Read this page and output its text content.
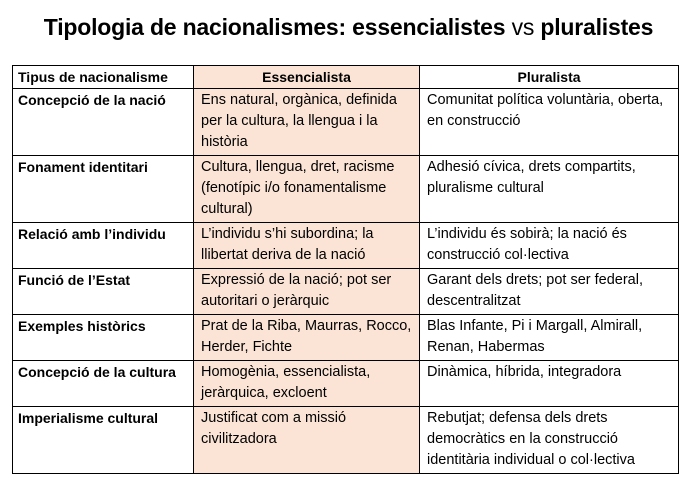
Tipologia de nacionalismes: essencialistes vs pluralistes
Tipus de nacionalisme	Essencialista	Pluralista
Concepció de la nació	Ens natural, orgànica, definida per la cultura, la llengua i la història	Comunitat política voluntària, oberta, en construcció
Fonament identitari	Cultura, llengua, dret, racisme (fenotípic i/o fonamentalisme cultural)	Adhesió cívica, drets compartits, pluralisme cultural
Relació amb l’individu	L’individu s’hi subordina; la llibertat deriva de la nació	L’individu és sobirà; la nació és construcció col·lectiva
Funció de l’Estat	Expressió de la nació; pot ser autoritari o jeràrquic	Garant dels drets; pot ser federal, descentralitzat
Exemples històrics	Prat de la Riba, Maurras, Rocco, Herder, Fichte	Blas Infante, Pi i Margall, Almirall, Renan, Habermas
Concepció de la cultura	Homogènia, essencialista, jeràrquica, excloent	Dinàmica, híbrida, integradora
Imperialisme cultural	Justificat com a missió civilitzadora	Rebutjat; defensa dels drets democràtics en la construcció identitària individual o col·lectiva
